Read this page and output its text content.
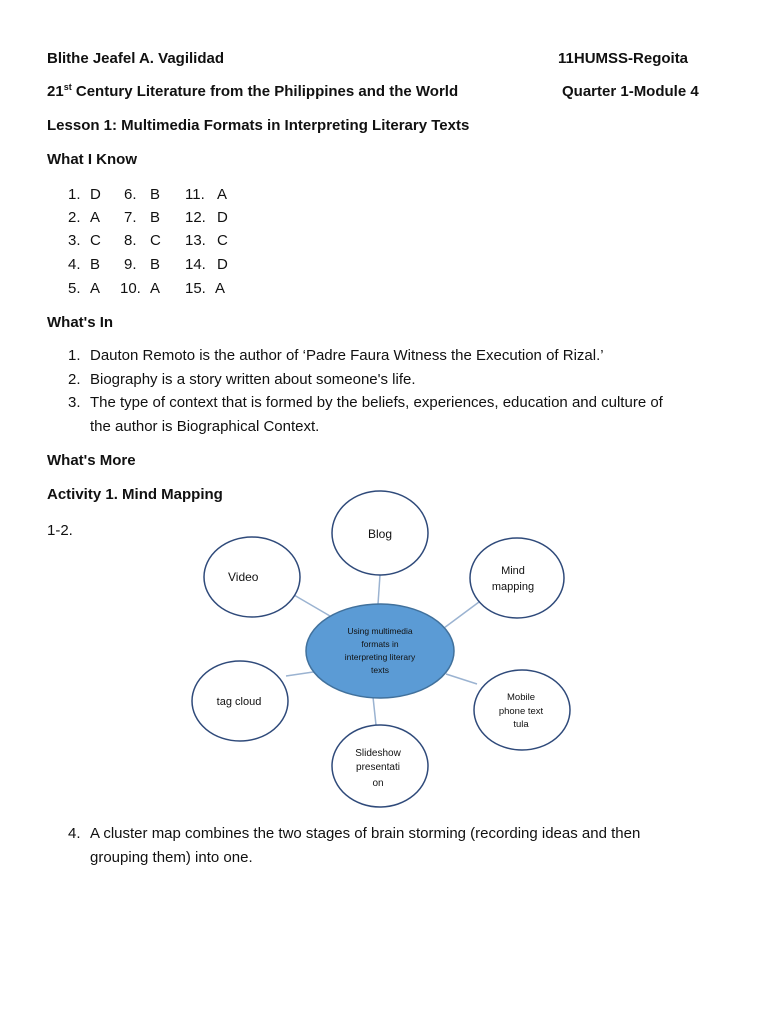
Blithe Jeafel A. Vagilidad	11HUMSS-Regoita
21st Century Literature from the Philippines and the World	Quarter 1-Module 4
Lesson 1: Multimedia Formats in Interpreting Literary Texts
What I Know
1. D 6. B 11. A
2. A 7. B 12. D
3. C 8. C 13. C
4. B 9. B 14. D
5. A 10. A 15. A
What's In
1. Dauton Remoto is the author of ‘Padre Faura Witness the Execution of Rizal.’
2. Biography is a story written about someone's life.
3. The type of context that is formed by the beliefs, experiences, education and culture of
the author is Biographical Context.
What's More
Activity 1. Mind Mapping
1-2.	Blog
Video	Mind
mapping
Using multimedia
formats in
interpreting literary
texts
tag cloud	Mobile
phone text
tula
Slideshow
presentati
on
4. A cluster map combines the two stages of brain storming (recording ideas and then
grouping them) into one.
